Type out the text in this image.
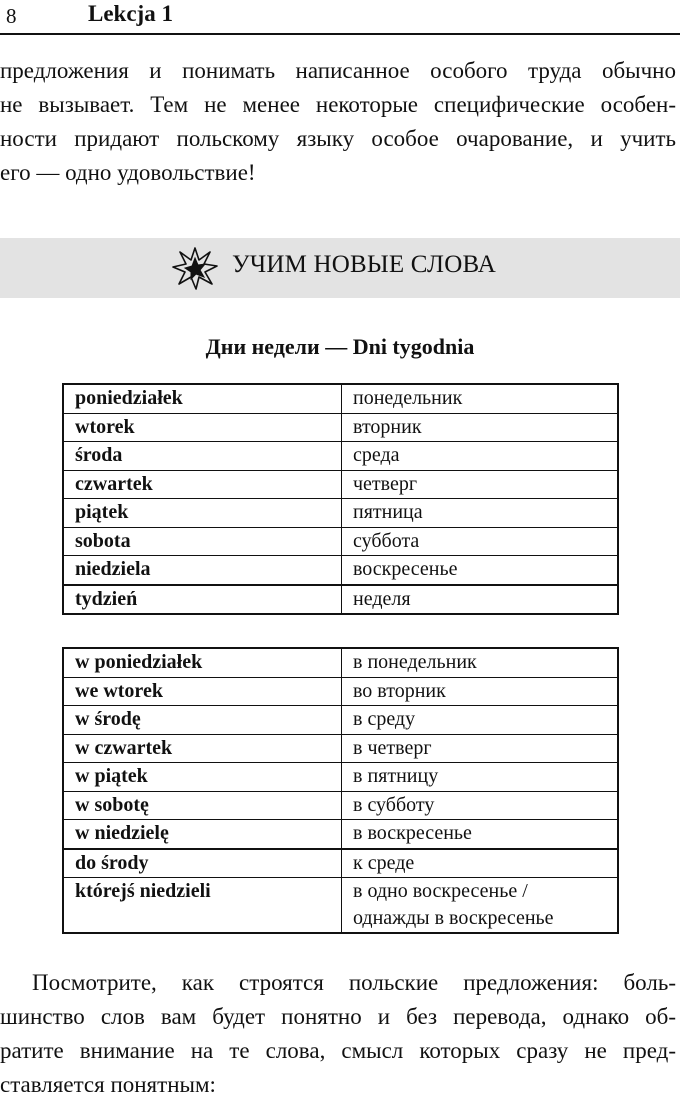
8	Lekcja 1

предложения и понимать написанное особого труда обычно
не вызывает. Тем не менее некоторые специфические особен-
ности придают польскому языку особое очарование, и учить
его — одно удовольствие!

УЧИМ НОВЫЕ СЛОВА
Дни недели — Dni tygodnia
poniedziałek	понедельник
wtorek	вторник
środa	среда
czwartek	четверг
piątek	пятница
sobota	суббота
niedziela	воскресенье
tydzień	неделя
w poniedziałek	в понедельник
we wtorek	во вторник
w środę	в среду
w czwartek	в четверг
w piątek	в пятницу
w sobotę	в субботу
w niedzielę	в воскресенье
do środy	к среде
którejś niedzieli	в одно воскресенье /
однажды в воскресенье

Посмотрите, как строятся польские предложения: боль-
шинство слов вам будет понятно и без перевода, однако об-
ратите внимание на те слова, смысл которых сразу не пред-
ставляется понятным:
